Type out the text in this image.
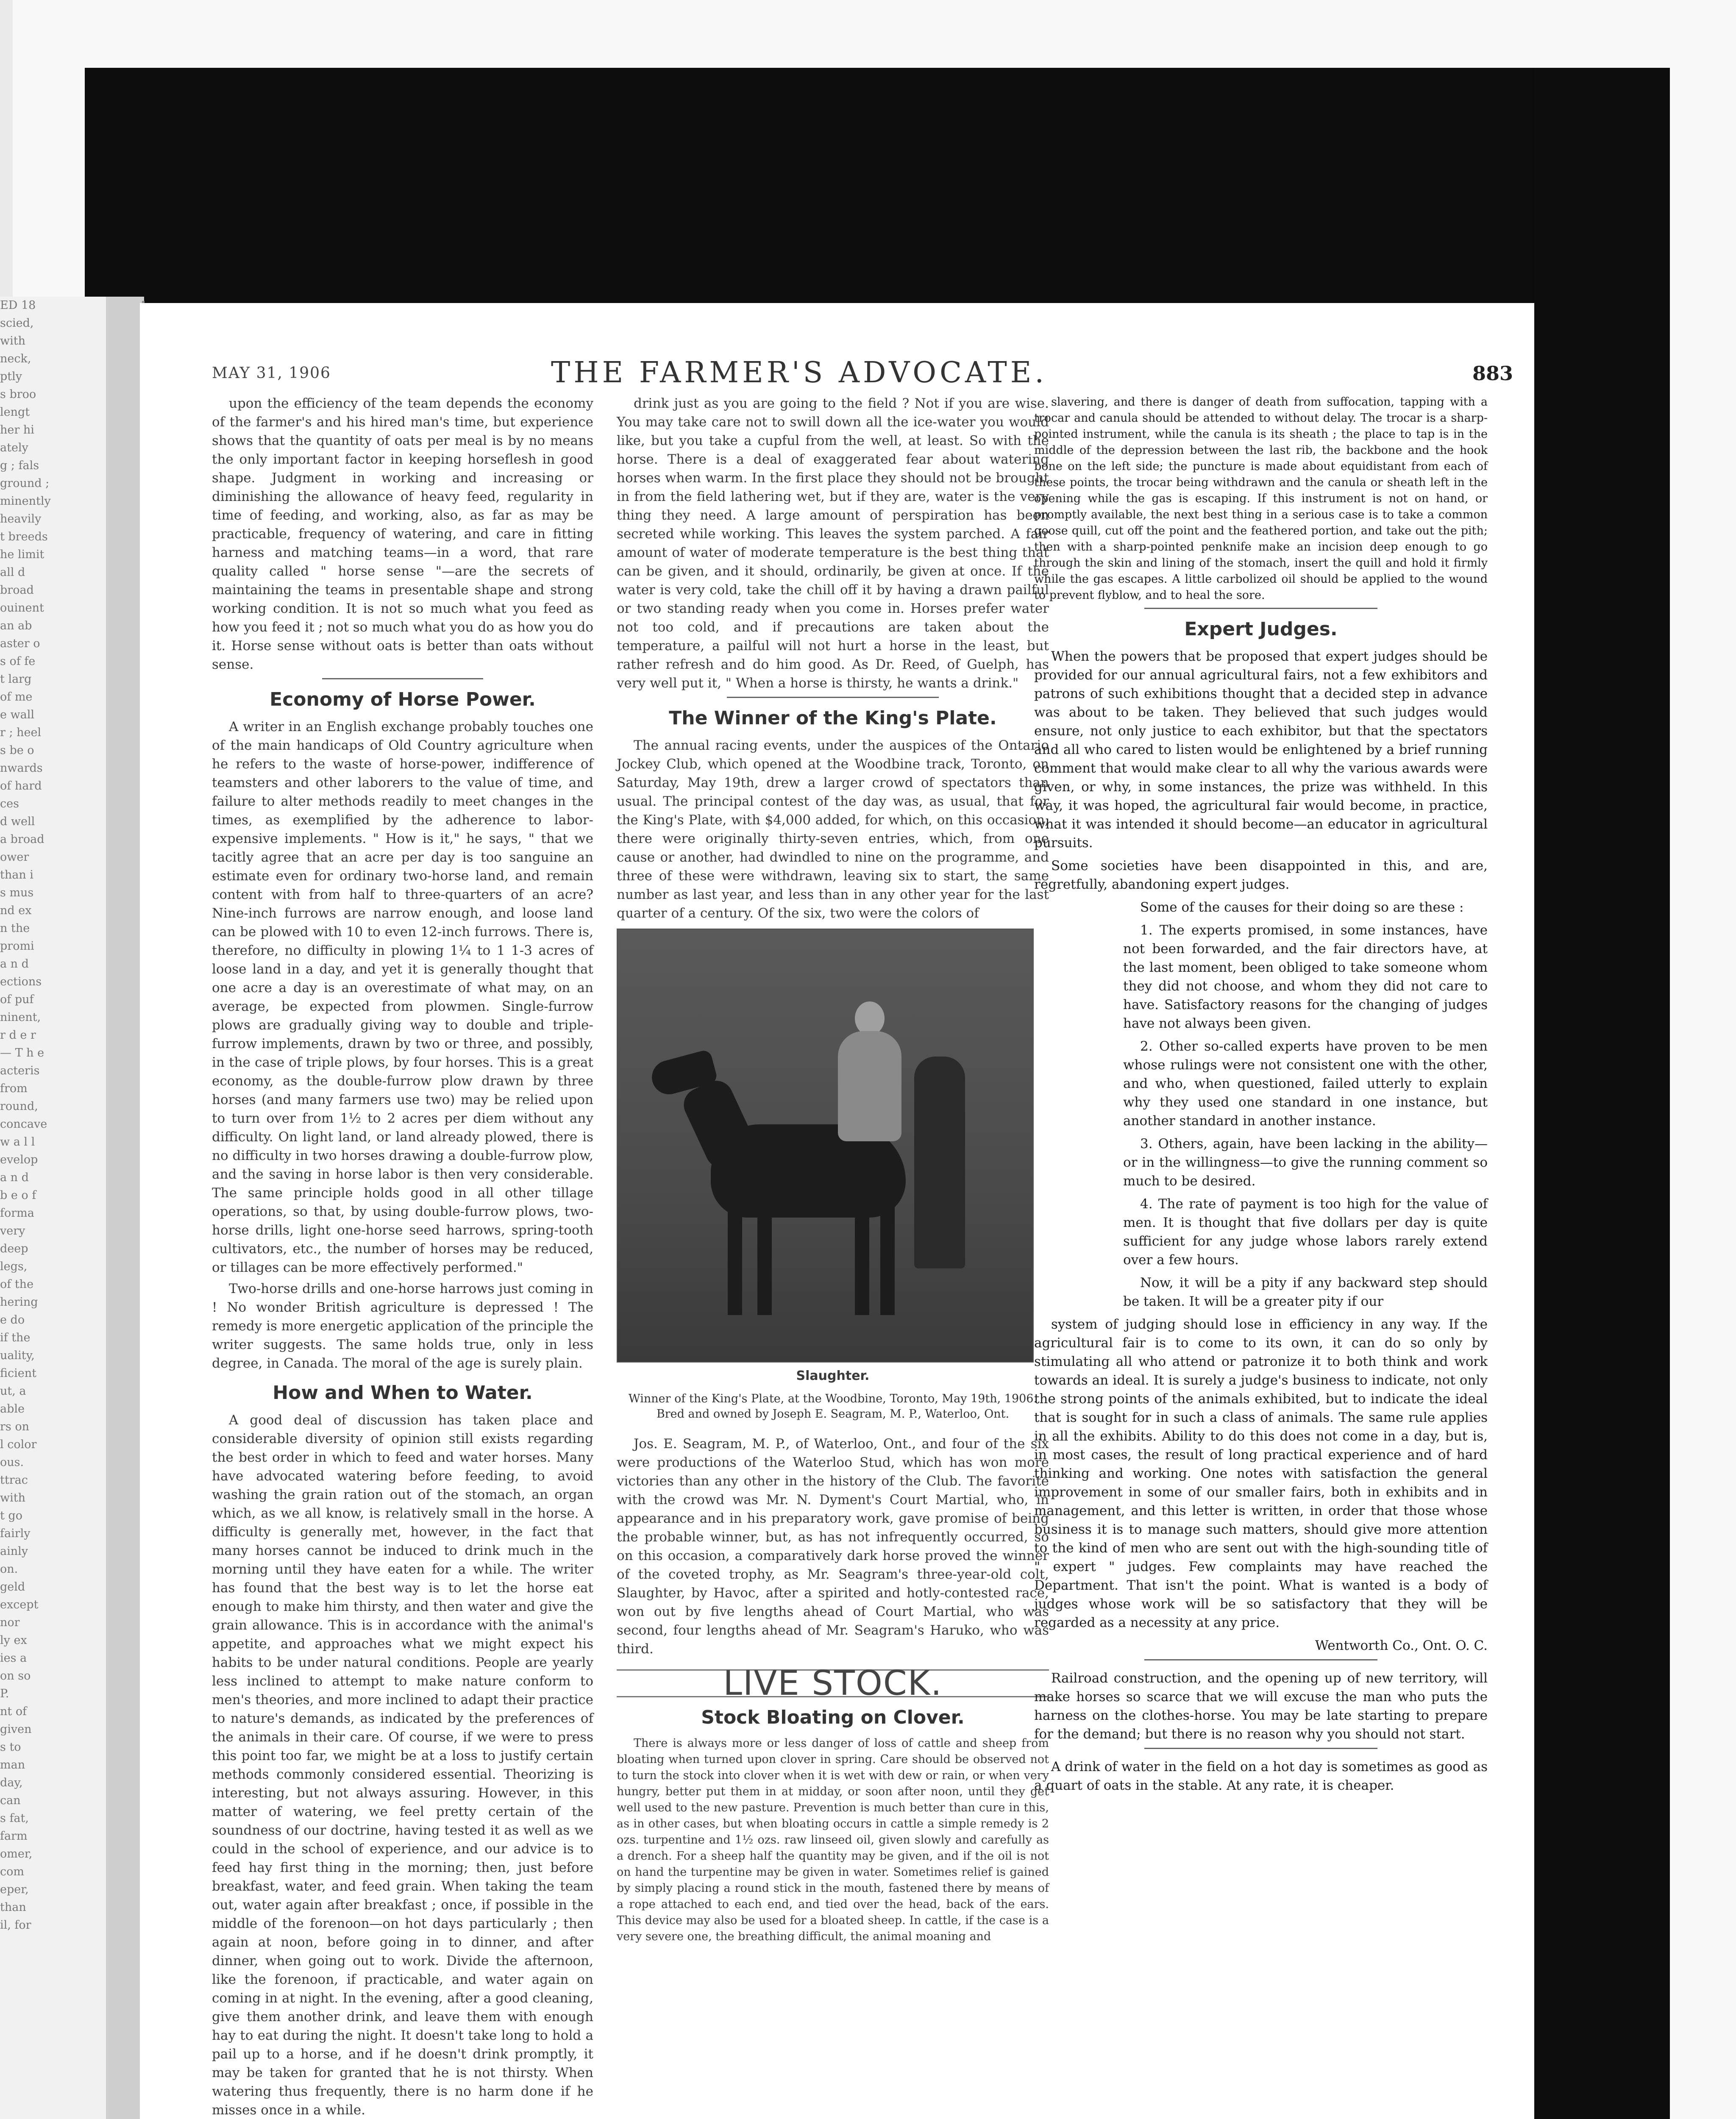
ED 18

scied,

with

neck,

ptly

s broo

lengt

her hi

ately

g ; fals

ground ;

minently

heavily

t breeds

he limit

all d

broad

ouinent

an ab

aster o

s of fe

t larg

of me

e wall

r ; heel

s be o

nwards

of hard

ces

d well

a broad

ower

than i

s mus

nd ex

n the

promi

a n d

ections

of puf

ninent,

r d e r

— T h e

acteris

from

round,

concave

w a l l

evelop

a n d

b e o f

forma

very

deep

legs,

of the

hering

e do

if the

uality,

ficient

ut, a

able

rs on

l color

ous.

ttrac

with

t go

fairly

ainly

on.

geld

except

nor

ly ex

ies a

on so

P.

nt of

given

s to

man

day,

can

s fat,

farm

omer,

com

eper,

than

il, for

MAY 31, 1906	THE FARMER'S ADVOCATE.	883

upon the efficiency of the team depends the economy of the farmer's and his hired man's time, but experience shows that the quantity of oats per meal is by no means the only important factor in keeping horseflesh in good shape. Judgment in working and increasing or diminishing the allowance of heavy feed, regularity in time of feeding, and working, also, as far as may be practicable, frequency of watering, and care in fitting harness and matching teams—in a word, that rare quality called " horse sense "—are the secrets of maintaining the teams in presentable shape and strong working condition. It is not so much what you feed as how you feed it ; not so much what you do as how you do it. Horse sense without oats is better than oats without sense.

Economy of Horse Power.

A writer in an English exchange probably touches one of the main handicaps of Old Country agriculture when he refers to the waste of horse-power, indifference of teamsters and other laborers to the value of time, and failure to alter methods readily to meet changes in the times, as exemplified by the adherence to labor-expensive implements. " How is it," he says, " that we tacitly agree that an acre per day is too sanguine an estimate even for ordinary two-horse land, and remain content with from half to three-quarters of an acre? Nine-inch furrows are narrow enough, and loose land can be plowed with 10 to even 12-inch furrows. There is, therefore, no difficulty in plowing 1¼ to 1 1-3 acres of loose land in a day, and yet it is generally thought that one acre a day is an overestimate of what may, on an average, be expected from plowmen. Single-furrow plows are gradually giving way to double and triple-furrow implements, drawn by two or three, and possibly, in the case of triple plows, by four horses. This is a great economy, as the double-furrow plow drawn by three horses (and many farmers use two) may be relied upon to turn over from 1½ to 2 acres per diem without any difficulty. On light land, or land already plowed, there is no difficulty in two horses drawing a double-furrow plow, and the saving in horse labor is then very considerable. The same principle holds good in all other tillage operations, so that, by using double-furrow plows, two-horse drills, light one-horse seed harrows, spring-tooth cultivators, etc., the number of horses may be reduced, or tillages can be more effectively performed."

Two-horse drills and one-horse harrows just coming in ! No wonder British agriculture is depressed ! The remedy is more energetic application of the principle the writer suggests. The same holds true, only in less degree, in Canada. The moral of the age is surely plain.

How and When to Water.

A good deal of discussion has taken place and considerable diversity of opinion still exists regarding the best order in which to feed and water horses. Many have advocated watering before feeding, to avoid washing the grain ration out of the stomach, an organ which, as we all know, is relatively small in the horse. A difficulty is generally met, however, in the fact that many horses cannot be induced to drink much in the morning until they have eaten for a while. The writer has found that the best way is to let the horse eat enough to make him thirsty, and then water and give the grain allowance. This is in accordance with the animal's appetite, and approaches what we might expect his habits to be under natural conditions. People are yearly less inclined to attempt to make nature conform to men's theories, and more inclined to adapt their practice to nature's demands, as indicated by the preferences of the animals in their care. Of course, if we were to press this point too far, we might be at a loss to justify certain methods commonly considered essential. Theorizing is interesting, but not always assuring. However, in this matter of watering, we feel pretty certain of the soundness of our doctrine, having tested it as well as we could in the school of experience, and our advice is to feed hay first thing in the morning; then, just before breakfast, water, and feed grain. When taking the team out, water again after breakfast ; once, if possible in the middle of the forenoon—on hot days particularly ; then again at noon, before going in to dinner, and after dinner, when going out to work. Divide the afternoon, like the forenoon, if practicable, and water again on coming in at night. In the evening, after a good cleaning, give them another drink, and leave them with enough hay to eat during the night. It doesn't take long to hold a pail up to a horse, and if he doesn't drink promptly, it may be taken for granted that he is not thirsty. When watering thus frequently, there is no harm done if he misses once in a while.

drink just as you are going to the field ? Not if you are wise. You may take care not to swill down all the ice-water you would like, but you take a cupful from the well, at least. So with the horse. There is a deal of exaggerated fear about watering horses when warm. In the first place they should not be brought in from the field lathering wet, but if they are, water is the very thing they need. A large amount of perspiration has been secreted while working. This leaves the system parched. A fair amount of water of moderate temperature is the best thing that can be given, and it should, ordinarily, be given at once. If the water is very cold, take the chill off it by having a drawn pailful or two standing ready when you come in. Horses prefer water not too cold, and if precautions are taken about the temperature, a pailful will not hurt a horse in the least, but rather refresh and do him good. As Dr. Reed, of Guelph, has very well put it, " When a horse is thirsty, he wants a drink."

The Winner of the King's Plate.

The annual racing events, under the auspices of the Ontario Jockey Club, which opened at the Woodbine track, Toronto, on Saturday, May 19th, drew a larger crowd of spectators than usual. The principal contest of the day was, as usual, that for the King's Plate, with $4,000 added, for which, on this occasion, there were originally thirty-seven entries, which, from one cause or another, had dwindled to nine on the programme, and three of these were withdrawn, leaving six to start, the same number as last year, and less than in any other year for the last quarter of a century. Of the six, two were the colors of

Slaughter.
Winner of the King's Plate, at the Woodbine, Toronto, May 19th, 1906.
Bred and owned by Joseph E. Seagram, M. P., Waterloo, Ont.

Jos. E. Seagram, M. P., of Waterloo, Ont., and four of the six were productions of the Waterloo Stud, which has won more victories than any other in the history of the Club. The favorite with the crowd was Mr. N. Dyment's Court Martial, who, in appearance and in his preparatory work, gave promise of being the probable winner, but, as has not infrequently occurred, so on this occasion, a comparatively dark horse proved the winner of the coveted trophy, as Mr. Seagram's three-year-old colt, Slaughter, by Havoc, after a spirited and hotly-contested race, won out by five lengths ahead of Court Martial, who was second, four lengths ahead of Mr. Seagram's Haruko, who was third.

LIVE STOCK.
Stock Bloating on Clover.

There is always more or less danger of loss of cattle and sheep from bloating when turned upon clover in spring. Care should be observed not to turn the stock into clover when it is wet with dew or rain, or when very hungry, better put them in at midday, or soon after noon, until they get well used to the new pasture. Prevention is much better than cure in this, as in other cases, but when bloating occurs in cattle a simple remedy is 2 ozs. turpentine and 1½ ozs. raw linseed oil, given slowly and carefully as a drench. For a sheep half the quantity may be given, and if the oil is not on hand the turpentine may be given in water. Sometimes relief is gained by simply placing a round stick in the mouth, fastened there by means of a rope attached to each end, and tied over the head, back of the ears. This device may also be used for a bloated sheep. In cattle, if the case is a very severe one, the breathing difficult, the animal moaning and

slavering, and there is danger of death from suffocation, tapping with a trocar and canula should be attended to without delay. The trocar is a sharp-pointed instrument, while the canula is its sheath ; the place to tap is in the middle of the depression between the last rib, the backbone and the hook bone on the left side; the puncture is made about equidistant from each of these points, the trocar being withdrawn and the canula or sheath left in the opening while the gas is escaping. If this instrument is not on hand, or promptly available, the next best thing in a serious case is to take a common goose quill, cut off the point and the feathered portion, and take out the pith; then with a sharp-pointed penknife make an incision deep enough to go through the skin and lining of the stomach, insert the quill and hold it firmly while the gas escapes. A little carbolized oil should be applied to the wound to prevent flyblow, and to heal the sore.

Expert Judges.

When the powers that be proposed that expert judges should be provided for our annual agricultural fairs, not a few exhibitors and patrons of such exhibitions thought that a decided step in advance was about to be taken. They believed that such judges would ensure, not only justice to each exhibitor, but that the spectators and all who cared to listen would be enlightened by a brief running comment that would make clear to all why the various awards were given, or why, in some instances, the prize was withheld. In this way, it was hoped, the agricultural fair would become, in practice, what it was intended it should become—an educator in agricultural pursuits.

Some societies have been disappointed in this, and are, regretfully, abandoning expert judges.

Some of the causes for their doing so are these :

1. The experts promised, in some instances, have not been forwarded, and the fair directors have, at the last moment, been obliged to take someone whom they did not choose, and whom they did not care to have. Satisfactory reasons for the changing of judges have not always been given.

2. Other so-called experts have proven to be men whose rulings were not consistent one with the other, and who, when questioned, failed utterly to explain why they used one standard in one instance, but another standard in another instance.

3. Others, again, have been lacking in the ability—or in the willingness—to give the running comment so much to be desired.

4. The rate of payment is too high for the value of men. It is thought that five dollars per day is quite sufficient for any judge whose labors rarely extend over a few hours.

Now, it will be a pity if any backward step should be taken. It will be a greater pity if our

system of judging should lose in efficiency in any way. If the agricultural fair is to come to its own, it can do so only by stimulating all who attend or patronize it to both think and work towards an ideal. It is surely a judge's business to indicate, not only the strong points of the animals exhibited, but to indicate the ideal that is sought for in such a class of animals. The same rule applies in all the exhibits. Ability to do this does not come in a day, but is, in most cases, the result of long practical experience and of hard thinking and working. One notes with satisfaction the general improvement in some of our smaller fairs, both in exhibits and in management, and this letter is written, in order that those whose business it is to manage such matters, should give more attention to the kind of men who are sent out with the high-sounding title of " expert " judges. Few complaints may have reached the Department. That isn't the point. What is wanted is a body of judges whose work will be so satisfactory that they will be regarded as a necessity at any price.

Wentworth Co., Ont. O. C.

Railroad construction, and the opening up of new territory, will make horses so scarce that we will excuse the man who puts the harness on the clothes-horse. You may be late starting to prepare for the demand; but there is no reason why you should not start.

A drink of water in the field on a hot day is sometimes as good as a quart of oats in the stable. At any rate, it is cheaper.
